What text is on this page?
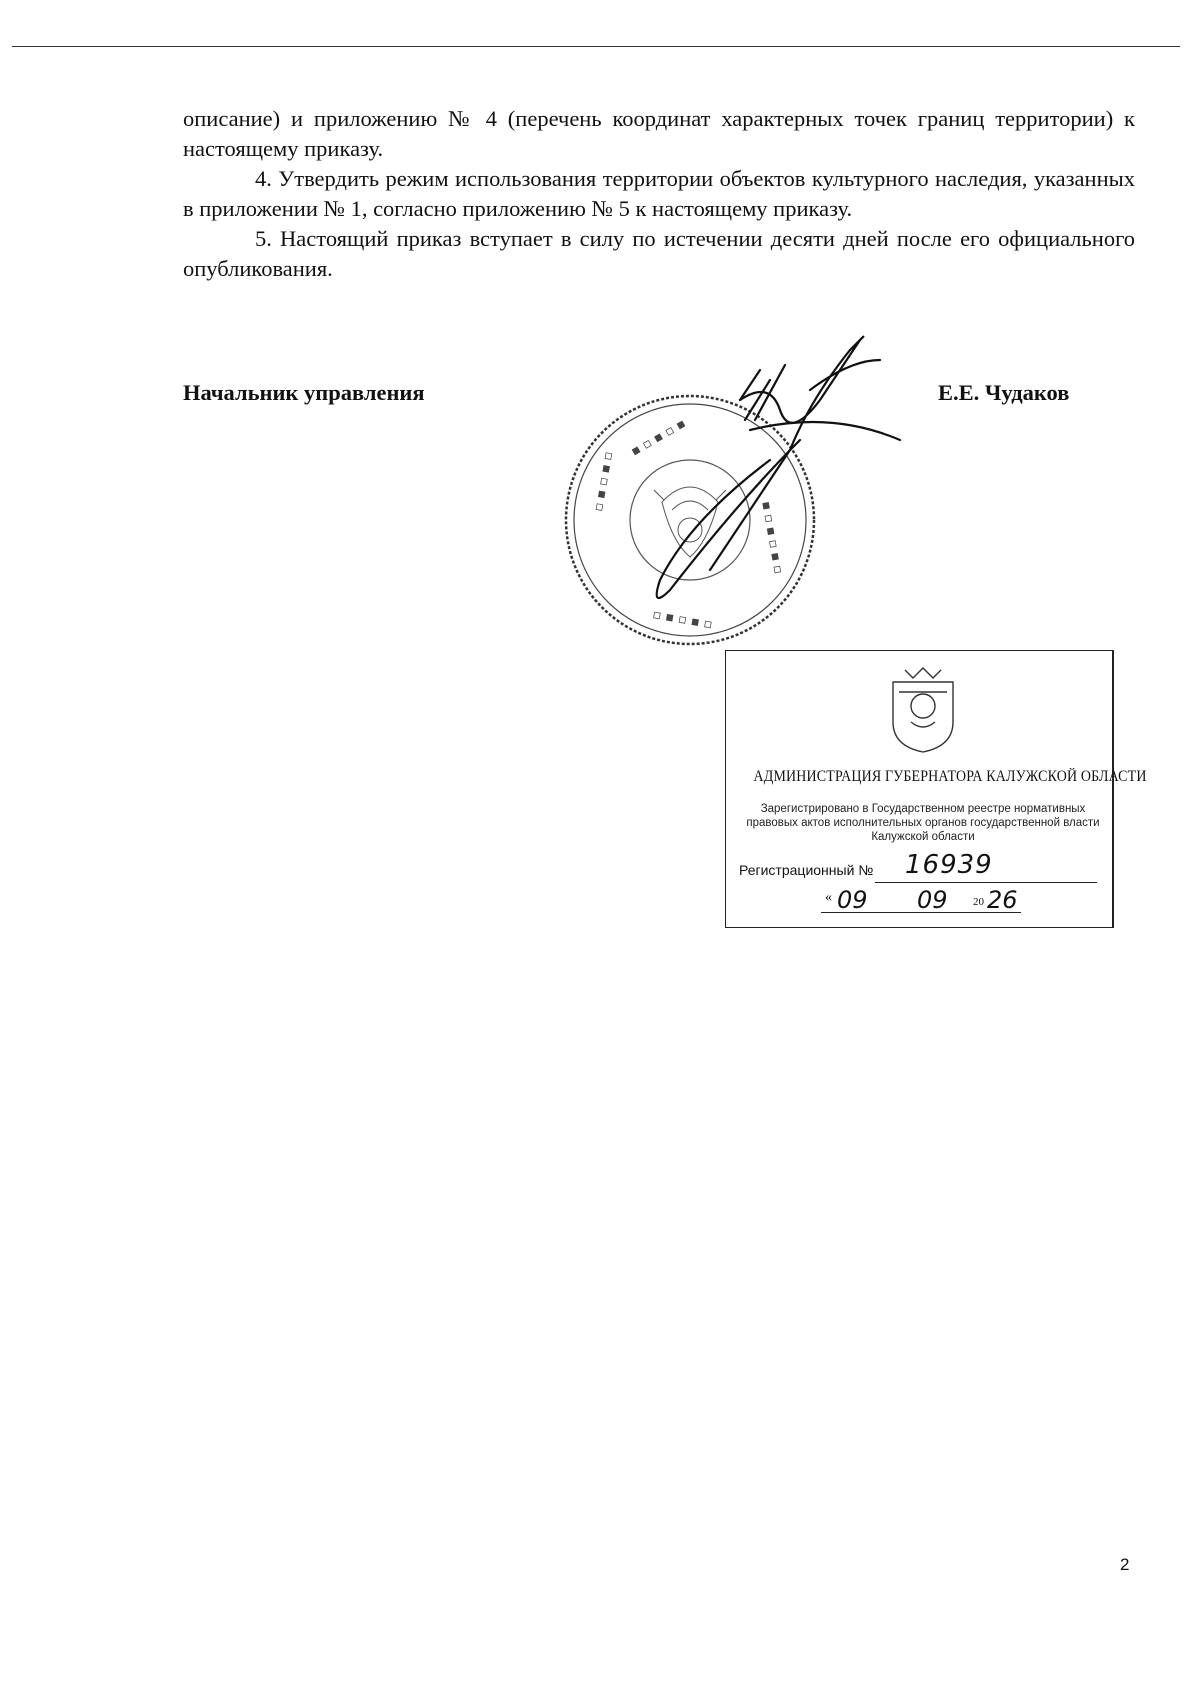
описание) и приложению № 4 (перечень координат характерных точек границ территории) к настоящему приказу.

4. Утвердить режим использования территории объектов культурного наследия, указанных в приложении № 1, согласно приложению № 5 к настоящему приказу.

5. Настоящий приказ вступает в силу по истечении десяти дней после его официального опубликования.

Начальник управления	Е.Е. Чудаков
▪ ▫ ▪ ▫ ▪
▫ ▪ ▫ ▪ ▫
▪ ▫ ▪ ▫ ▪ ▫
▫ ▪ ▫ ▪ ▫
АДМИНИСТРАЦИЯ ГУБЕРНАТОРА КАЛУЖСКОЙ ОБЛАСТИ
Зарегистрировано в Государственном реестре нормативных правовых актов исполнительных органов государственной власти Калужской области
Регистрационный № 16939
« 09 09 20 26
2
